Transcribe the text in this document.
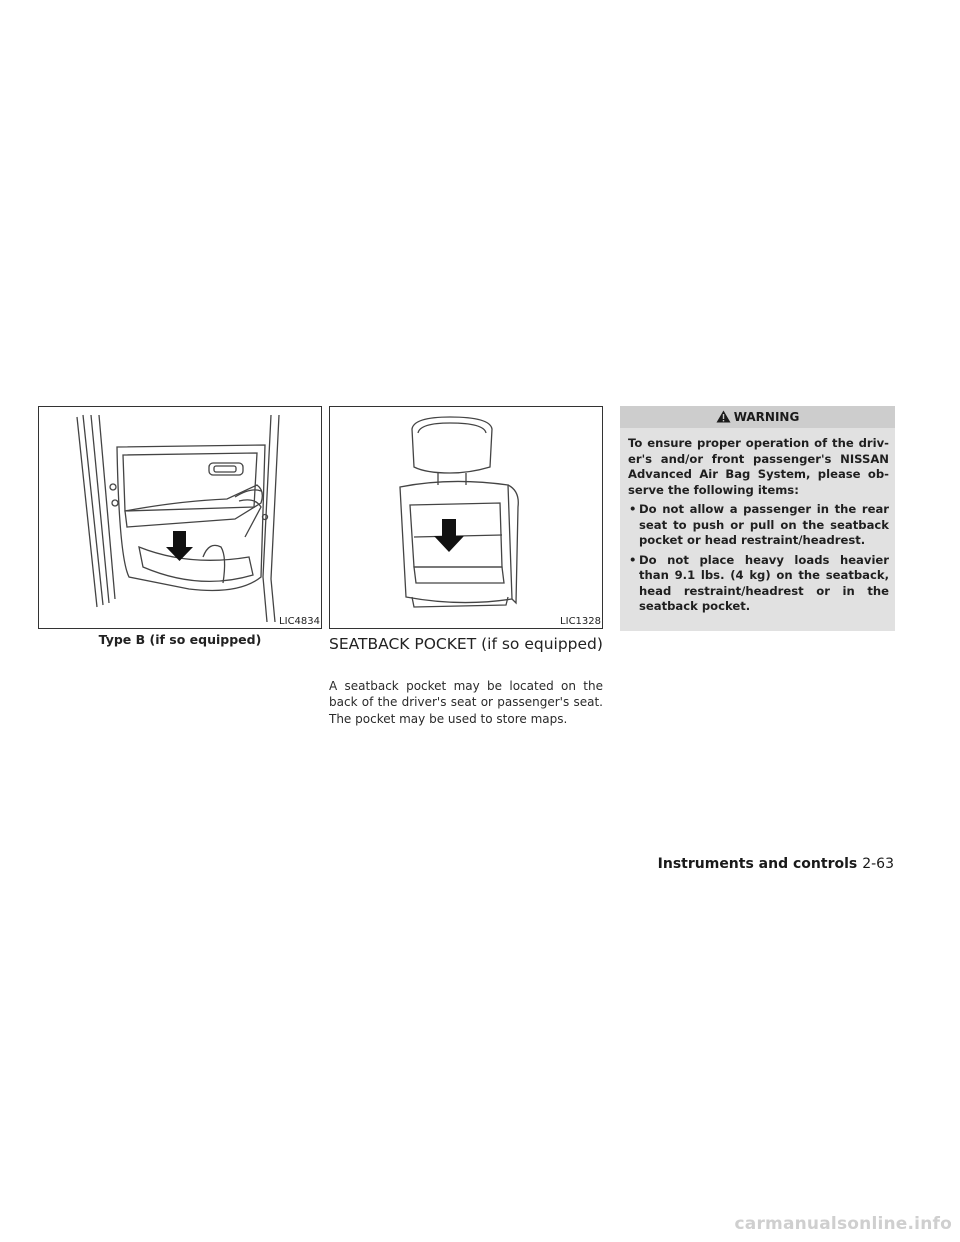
LIC4834
Type B (if so equipped)
LIC1328
SEATBACK POCKET (if so equipped)

A seatback pocket may be located on the back of the driver's seat or passenger's seat. The pocket may be used to store maps.

WARNING

To ensure proper operation of the driv- er's and/or front passenger's NISSAN Advanced Air Bag System, please ob- serve the following items:

• Do not allow a passenger in the rear seat to push or pull on the seatback pocket or head restraint/headrest.
• Do not place heavy loads heavier than 9.1 lbs. (4 kg) on the seatback, head restraint/headrest or in the seatback pocket.
Instruments and controls 2-63
carmanualsonline.info
